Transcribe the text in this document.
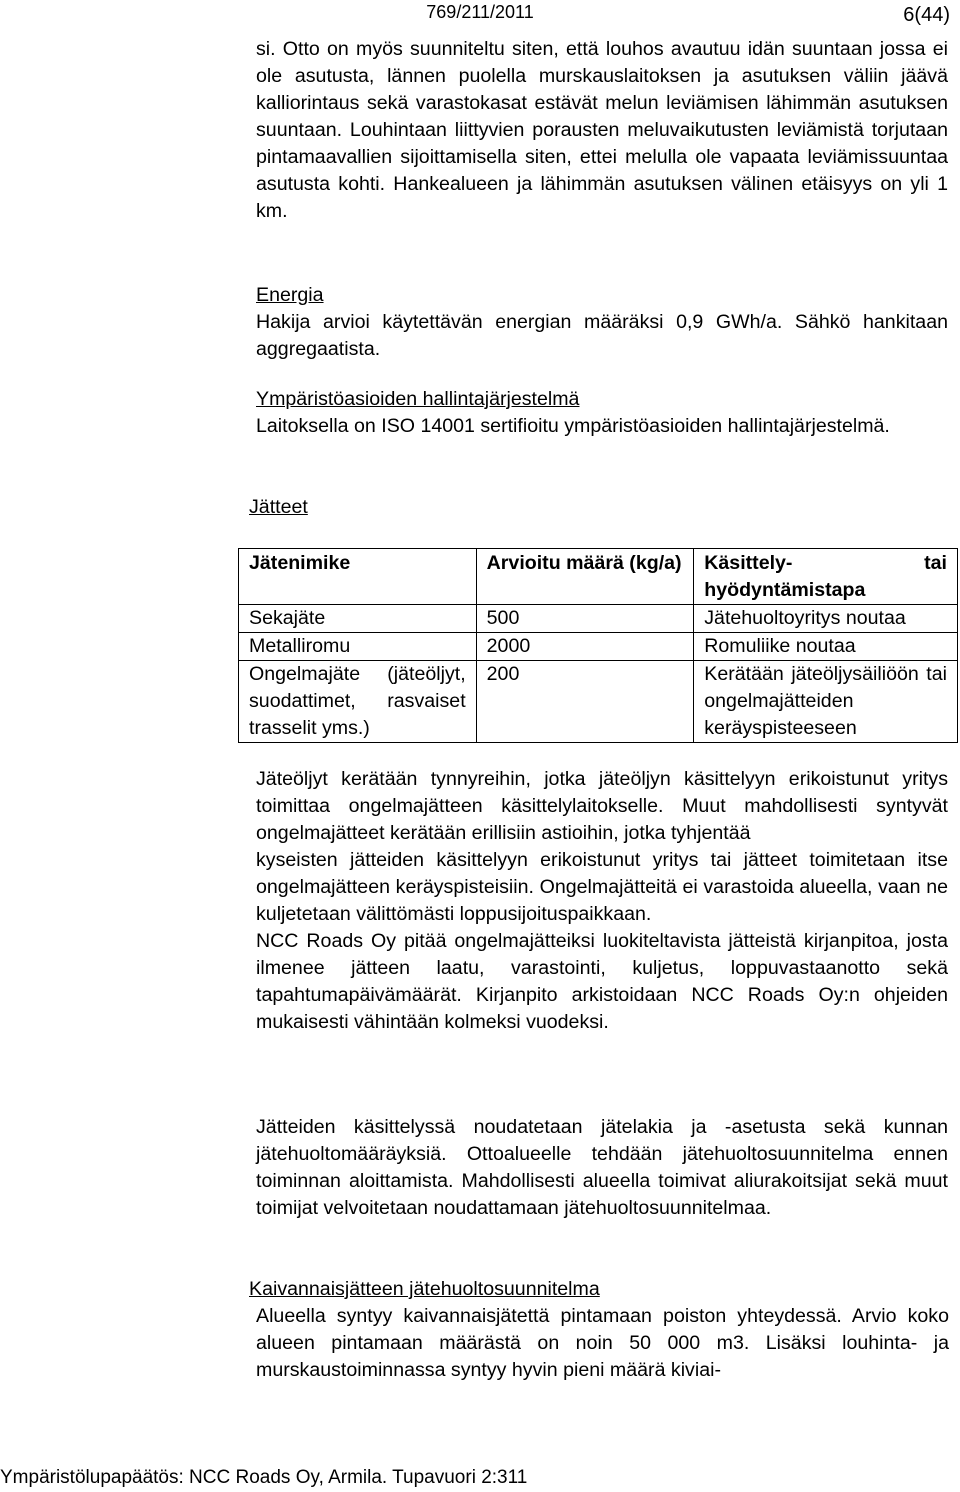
769/211/2011	6(44)
si. Otto on myös suunniteltu siten, että louhos avautuu idän suuntaan jossa ei ole asutusta, lännen puolella murskauslaitoksen ja asutuksen väliin jäävä kalliorintaus sekä varastokasat estävät melun leviämisen lähimmän asutuksen suuntaan. Louhintaan liittyvien porausten meluvaikutusten leviämistä torjutaan pintamaavallien sijoittamisella siten, ettei melulla ole vapaata leviämissuuntaa asutusta kohti. Hankealueen ja lähimmän asutuksen välinen etäisyys on yli 1 km.
Energia
Hakija arvioi käytettävän energian määräksi 0,9 GWh/a. Sähkö hankitaan aggregaatista.
Ympäristöasioiden hallintajärjestelmä
Laitoksella on ISO 14001 sertifioitu ympäristöasioiden hallintajärjestelmä.
Jätteet
Jätenimike	Arvioitu määrä (kg/a)	Käsittely- tai hyödyntämistapa
Sekajäte	500	Jätehuoltoyritys noutaa
Metalliromu	2000	Romuliike noutaa
Ongelmajäte (jäteöljyt, suodattimet, rasvaiset trasselit yms.)	200	Kerätään jäteöljysäiliöön tai ongelmajätteiden keräyspisteeseen
Jäteöljyt kerätään tynnyreihin, jotka jäteöljyn käsittelyyn erikoistunut yritys toimittaa ongelmajätteen käsittelylaitokselle. Muut mahdollisesti syntyvät ongelmajätteet kerätään erillisiin astioihin, jotka tyhjentää
kyseisten jätteiden käsittelyyn erikoistunut yritys tai jätteet toimitetaan itse ongelmajätteen keräyspisteisiin. Ongelmajätteitä ei varastoida alueella, vaan ne kuljetetaan välittömästi loppusijoituspaikkaan.
NCC Roads Oy pitää ongelmajätteiksi luokiteltavista jätteistä kirjanpitoa, josta ilmenee jätteen laatu, varastointi, kuljetus, loppuvastaanotto sekä tapahtumapäivämäärät. Kirjanpito arkistoidaan NCC Roads Oy:n ohjeiden mukaisesti vähintään kolmeksi vuodeksi.
Jätteiden käsittelyssä noudatetaan jätelakia ja -asetusta sekä kunnan jätehuoltomääräyksiä. Ottoalueelle tehdään jätehuoltosuunnitelma ennen toiminnan aloittamista. Mahdollisesti alueella toimivat aliurakoitsijat sekä muut toimijat velvoitetaan noudattamaan jätehuoltosuunnitelmaa.
Kaivannaisjätteen jätehuoltosuunnitelma
Alueella syntyy kaivannaisjätettä pintamaan poiston yhteydessä. Arvio koko alueen pintamaan määrästä on noin 50 000 m3. Lisäksi louhinta- ja murskaustoiminnassa syntyy hyvin pieni määrä kiviai-
Ympäristölupapäätös: NCC Roads Oy, Armila. Tupavuori 2:311
